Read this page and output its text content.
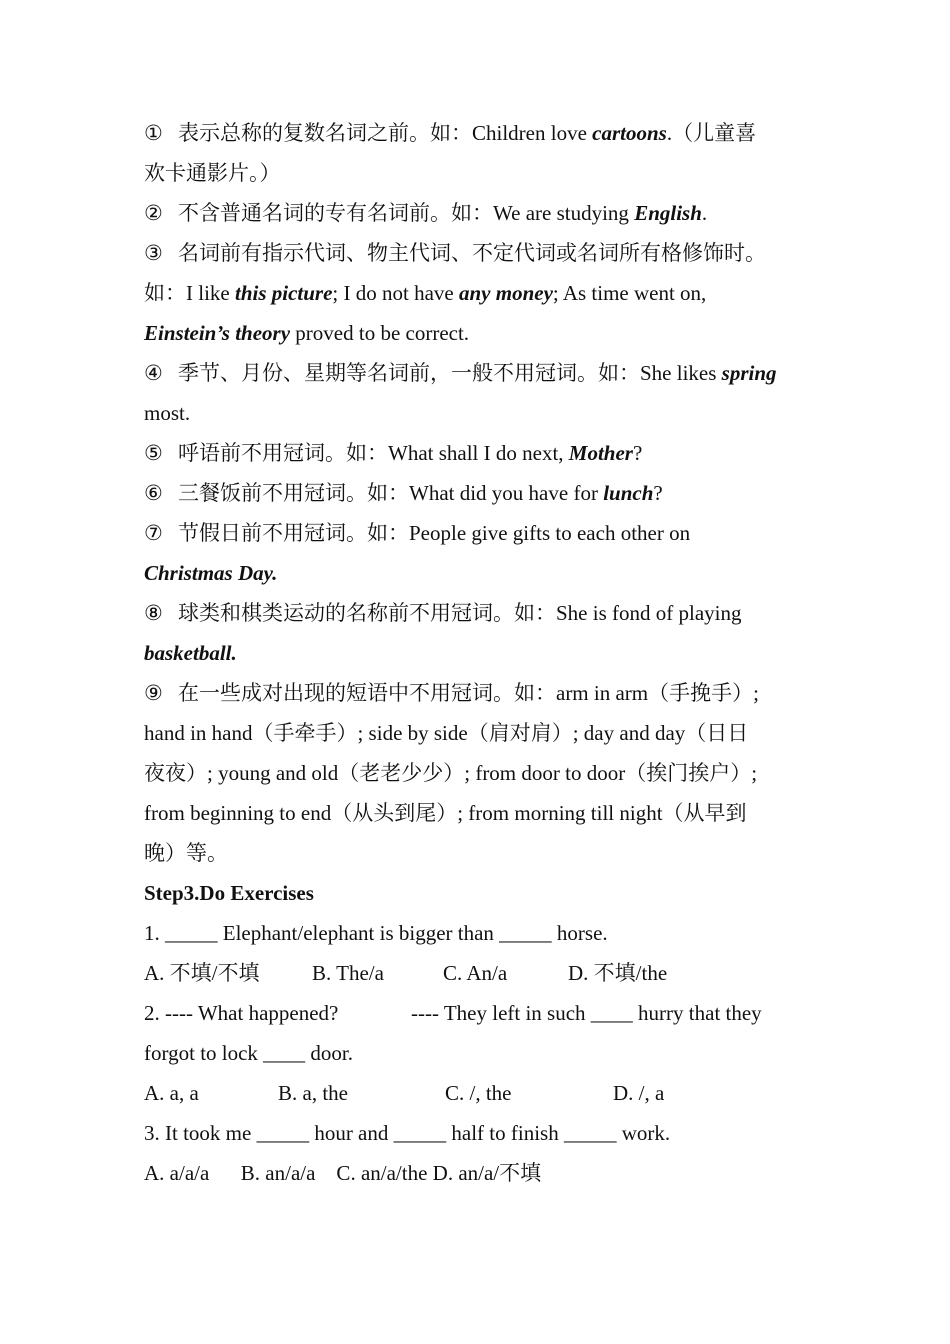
① 表示总称的复数名词之前。如：Children love cartoons.（儿童喜

欢卡通影片。）

② 不含普通名词的专有名词前。如：We are studying English.

③ 名词前有指示代词、物主代词、不定代词或名词所有格修饰时。

如：I like this picture; I do not have any money; As time went on,

Einstein’s theory proved to be correct.

④ 季节、月份、星期等名词前，一般不用冠词。如：She likes spring

most.

⑤ 呼语前不用冠词。如：What shall I do next, Mother?

⑥ 三餐饭前不用冠词。如：What did you have for lunch?

⑦ 节假日前不用冠词。如：People give gifts to each other on

Christmas Day.

⑧ 球类和棋类运动的名称前不用冠词。如：She is fond of playing

basketball.

⑨ 在一些成对出现的短语中不用冠词。如：arm in arm（手挽手）;

hand in hand（手牵手）; side by side（肩对肩）; day and day（日日

夜夜）; young and old（老老少少）; from door to door（挨门挨户）;

from beginning to end（从头到尾）; from morning till night（从早到

晚）等。

Step3.Do Exercises

1. _____ Elephant/elephant is bigger than _____ horse.

A. 不填/不填	B. The/a	C. An/a	D. 不填/the

2. ---- What happened?	---- They left in such ____ hurry that they

forgot to lock ____ door.

A. a, a	B. a, the	C. /, the	D. /, a

3. It took me _____ hour and _____ half to finish _____ work.

A. a/a/a      B. an/a/a    C. an/a/the D. an/a/不填
